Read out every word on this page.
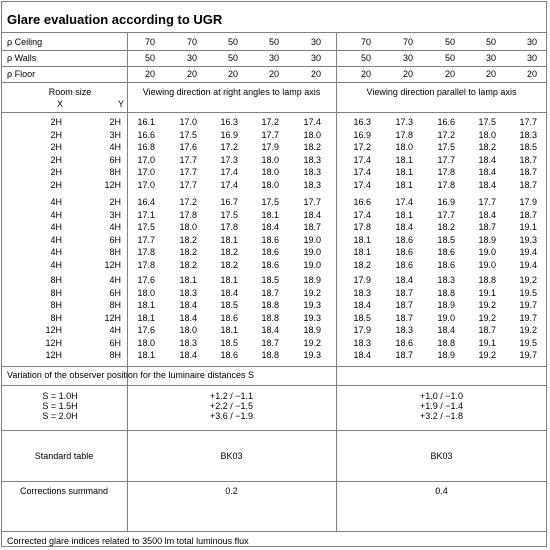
Glare evaluation according to UGR
ρ Ceiling	70	70	50	50	30	70	70	50	50	30
ρ Walls	50	30	50	30	30	50	30	50	30	30
ρ Floor	20	20	20	20	20	20	20	20	20	20
Room size
X	Y
Viewing direction at right angles to lamp axis	Viewing direction parallel to lamp axis
2H	2H	16.1	17.0	16.3	17.2	17.4	16.3	17.3	16.6	17.5	17.7
2H	3H	16.6	17.5	16.9	17.7	18.0	16.9	17.8	17.2	18.0	18.3
2H	4H	16.8	17.6	17.2	17.9	18.2	17.2	18.0	17.5	18.2	18.5
2H	6H	17.0	17.7	17.3	18.0	18.3	17.4	18.1	17.7	18.4	18.7
2H	8H	17.0	17.7	17.4	18.0	18.3	17.4	18.1	17.8	18.4	18.7
2H	12H	17.0	17.7	17.4	18.0	18.3	17.4	18.1	17.8	18.4	18.7
4H	2H	16.4	17.2	16.7	17.5	17.7	16.6	17.4	16.9	17.7	17.9
4H	3H	17.1	17.8	17.5	18.1	18.4	17.4	18.1	17.7	18.4	18.7
4H	4H	17.5	18.0	17.8	18.4	18.7	17.8	18.4	18.2	18.7	19.1
4H	6H	17.7	18.2	18.1	18.6	19.0	18.1	18.6	18.5	18.9	19.3
4H	8H	17.8	18.2	18.2	18.6	19.0	18.1	18.6	18.6	19.0	19.4
4H	12H	17.8	18.2	18.2	18.6	19.0	18.2	18.6	18.6	19.0	19.4
8H	4H	17.6	18.1	18.1	18.5	18.9	17.9	18.4	18.3	18.8	19.2
8H	6H	18.0	18.3	18.4	18.7	19.2	18.3	18.7	18.8	19.1	19.5
8H	8H	18.1	18.4	18.5	18.8	19.3	18.4	18.7	18.9	19.2	19.7
8H	12H	18.1	18.4	18.6	18.8	19.3	18.5	18.7	19.0	19.2	19.7
12H	4H	17.6	18.0	18.1	18.4	18.9	17.9	18.3	18.4	18.7	19.2
12H	6H	18.0	18.3	18.5	18.7	19.2	18.3	18.6	18.8	19.1	19.5
12H	8H	18.1	18.4	18.6	18.8	19.3	18.4	18.7	18.9	19.2	19.7
Variation of the observer position for the luminaire distances S
S = 1.0H	+1.2 / −1.1	+1.0 / −1.0
S = 1.5H	+2.2 / −1.5	+1.9 / −1.4
S = 2.0H	+3.6 / −1.9	+3.2 / −1.8
Standard table	BK03	BK03
Corrections summand	0.2	0.4
Corrected glare indices related to 3500 lm total luminous flux
